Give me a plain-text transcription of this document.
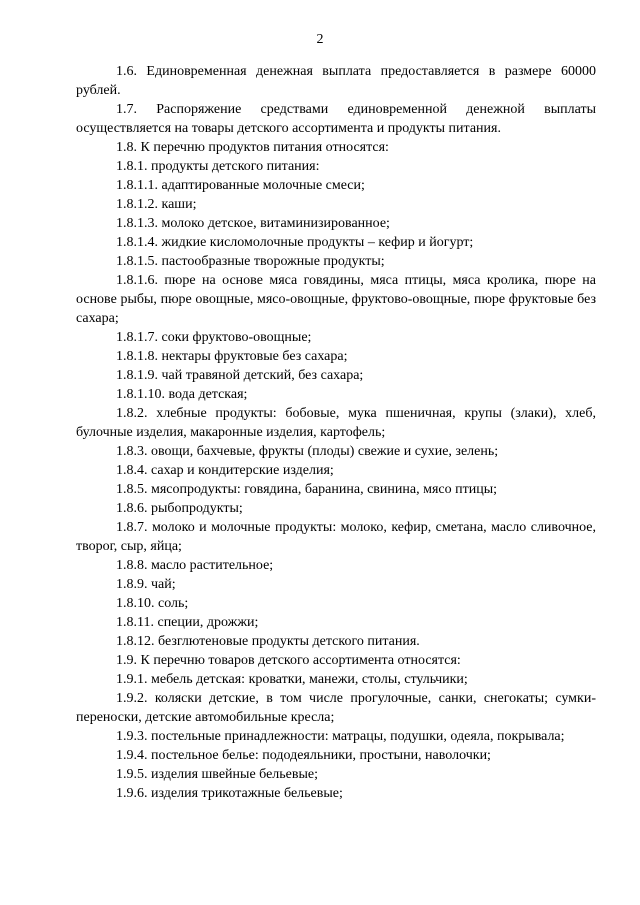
2

1.6. Единовременная денежная выплата предоставляется в размере 60000 рублей.

1.7. Распоряжение средствами единовременной денежной выплаты осуществляется на товары детского ассортимента и продукты питания.

1.8. К перечню продуктов питания относятся:

1.8.1. продукты детского питания:

1.8.1.1. адаптированные молочные смеси;

1.8.1.2. каши;

1.8.1.3. молоко детское, витаминизированное;

1.8.1.4. жидкие кисломолочные продукты – кефир и йогурт;

1.8.1.5. пастообразные творожные продукты;

1.8.1.6. пюре на основе мяса говядины, мяса птицы, мяса кролика, пюре на основе рыбы, пюре овощные, мясо-овощные, фруктово-овощные, пюре фруктовые без сахара;

1.8.1.7. соки фруктово-овощные;

1.8.1.8. нектары фруктовые без сахара;

1.8.1.9. чай травяной детский, без сахара;

1.8.1.10. вода детская;

1.8.2. хлебные продукты: бобовые, мука пшеничная, крупы (злаки), хлеб, булочные изделия, макаронные изделия, картофель;

1.8.3. овощи, бахчевые, фрукты (плоды) свежие и сухие, зелень;

1.8.4. сахар и кондитерские изделия;

1.8.5. мясопродукты: говядина, баранина, свинина, мясо птицы;

1.8.6. рыбопродукты;

1.8.7. молоко и молочные продукты: молоко, кефир, сметана, масло сливочное, творог, сыр, яйца;

1.8.8. масло растительное;

1.8.9. чай;

1.8.10. соль;

1.8.11. специи, дрожжи;

1.8.12. безглютеновые продукты детского питания.

1.9. К перечню товаров детского ассортимента относятся:

1.9.1. мебель детская: кроватки, манежи, столы, стульчики;

1.9.2. коляски детские, в том числе прогулочные, санки, снегокаты; сумки-переноски, детские автомобильные кресла;

1.9.3. постельные принадлежности: матрацы, подушки, одеяла, покрывала;

1.9.4. постельное белье: пододеяльники, простыни, наволочки;

1.9.5. изделия швейные бельевые;

1.9.6. изделия трикотажные бельевые;
